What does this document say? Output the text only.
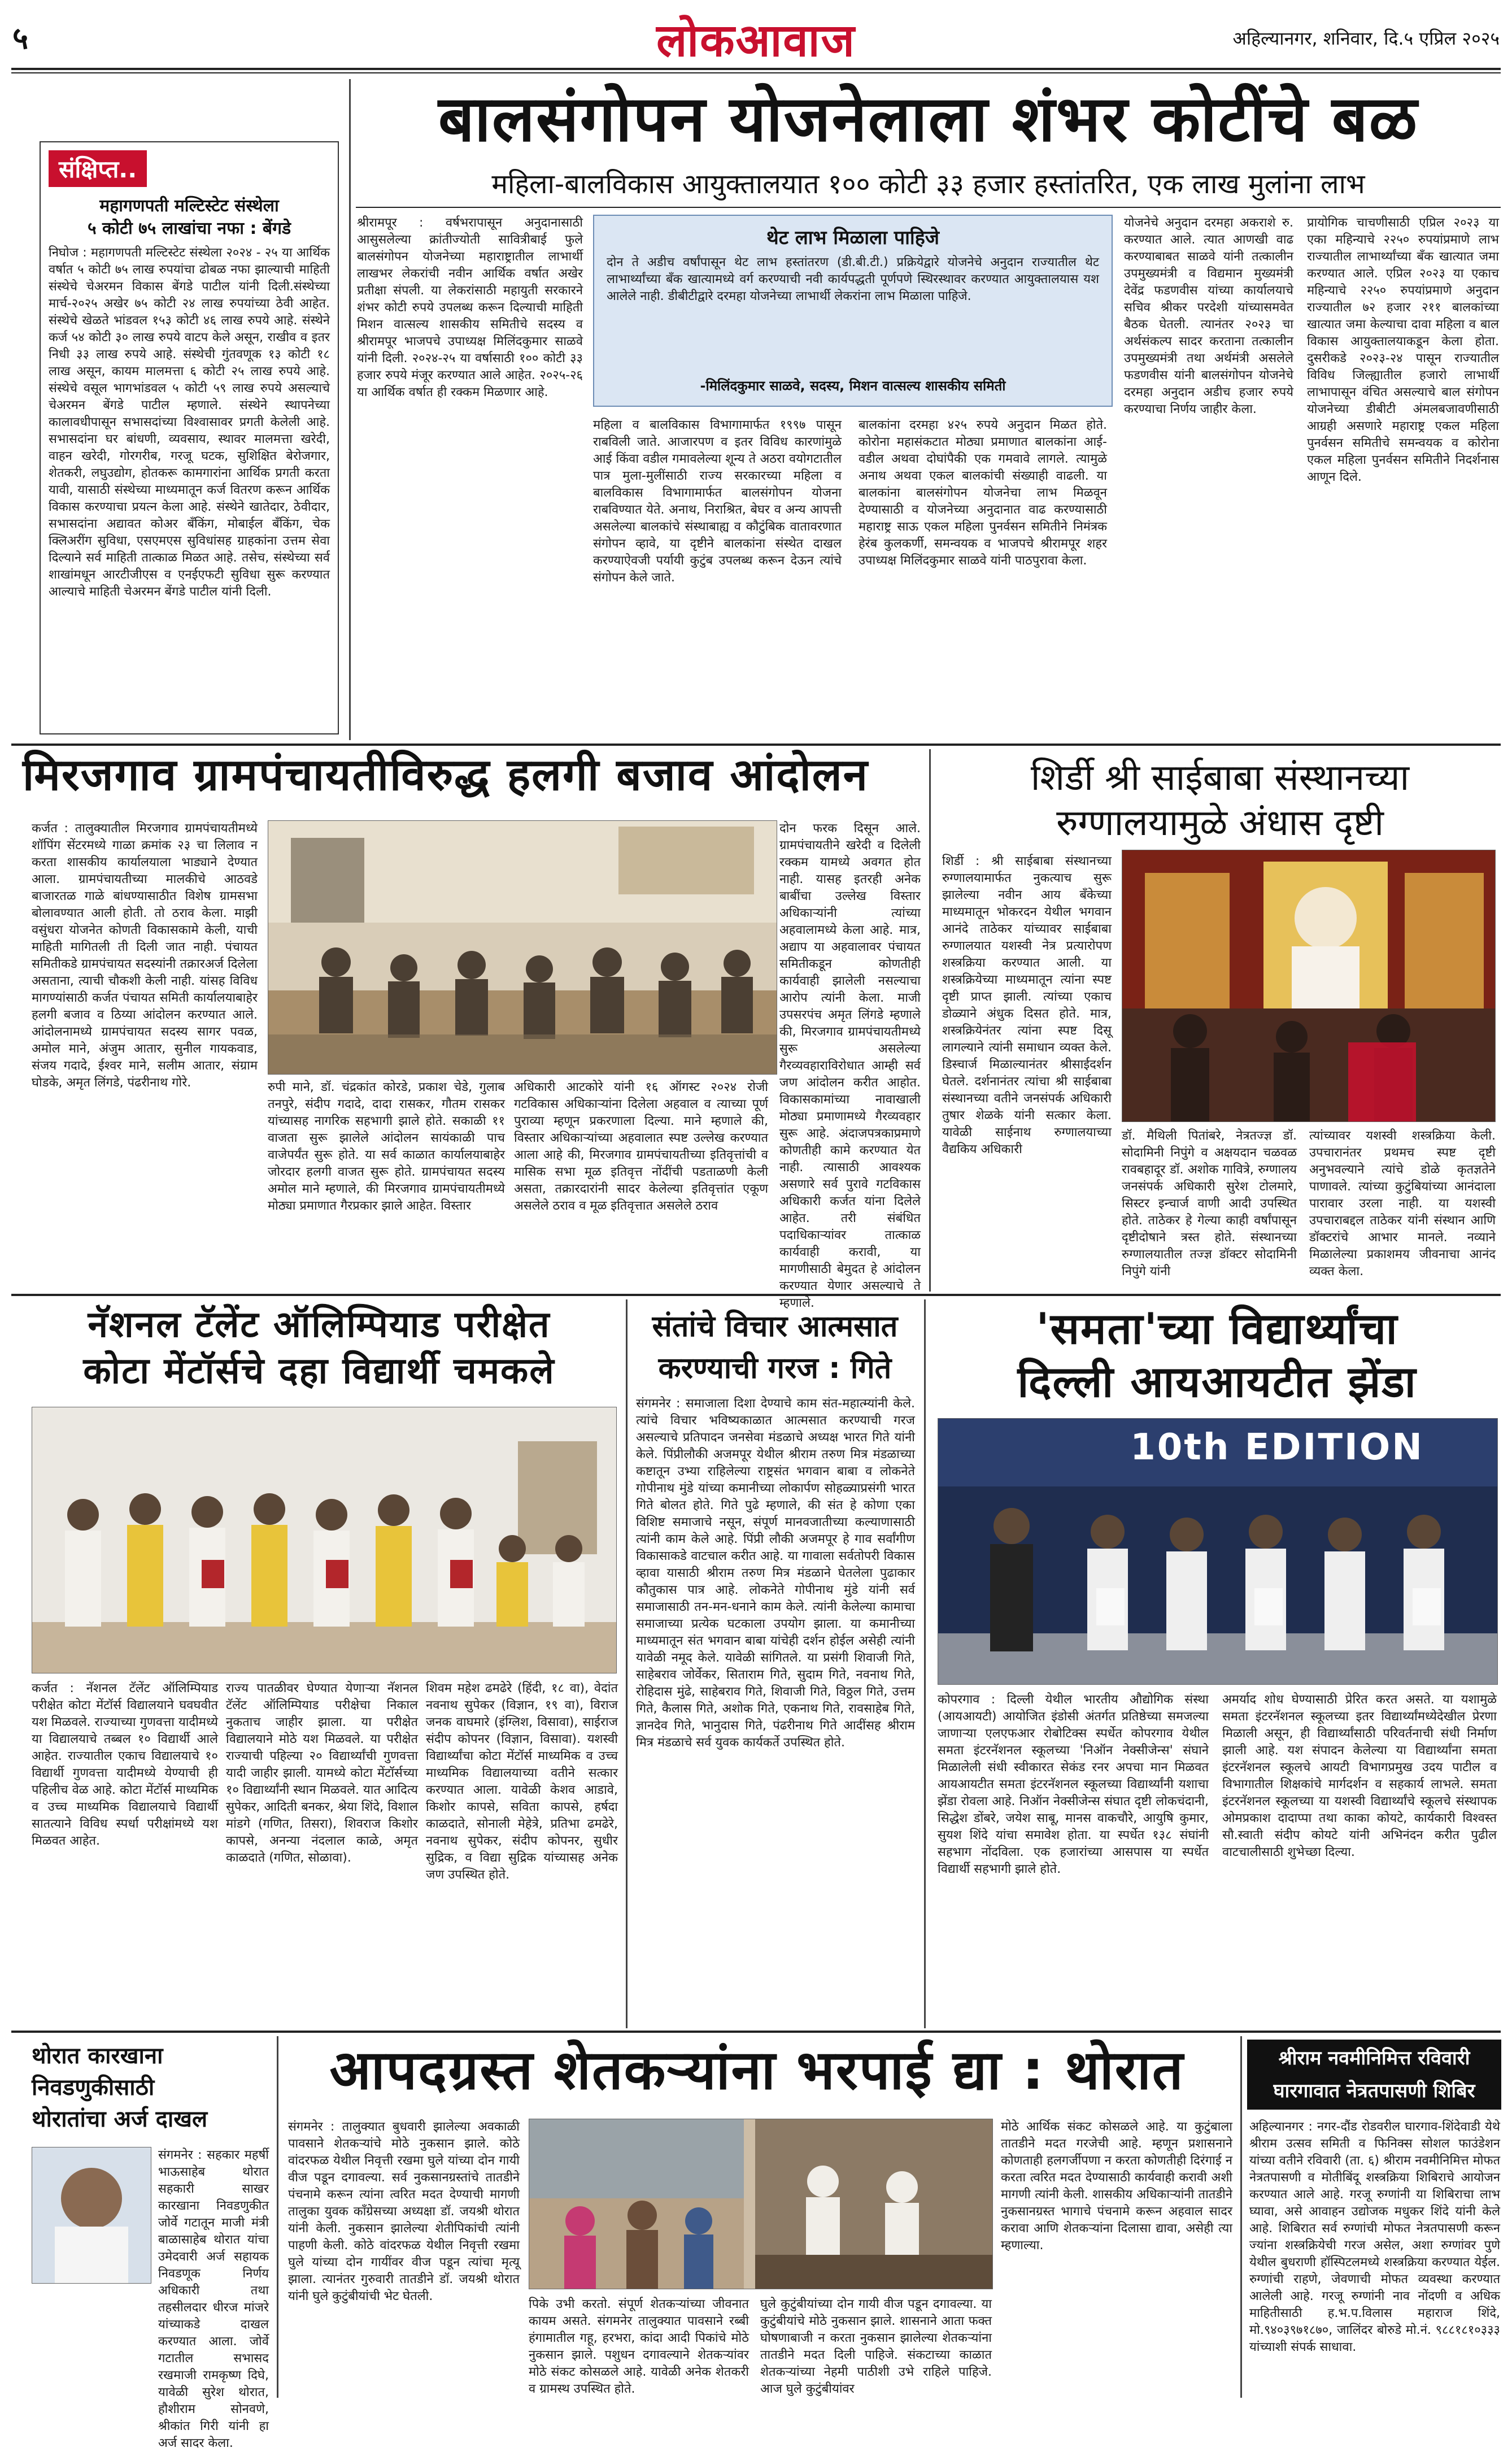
५	लोकआवाज	अहिल्यानगर, शनिवार, दि.५ एप्रिल २०२५
संक्षिप्त..
महागणपती मल्टिस्टेट संस्थेला
५ कोटी ७५ लाखांचा नफा : बेंगडे
निघोज : महागणपती मल्टिस्टेट संस्थेला २०२४ - २५ या आर्थिक वर्षात ५ कोटी ७५ लाख रुपयांचा ढोबळ नफा झाल्याची माहिती संस्थेचे चेअरमन विकास बेंगडे पाटील यांनी दिली.संस्थेच्या मार्च-२०२५ अखेर ७५ कोटी २४ लाख रुपयांच्या ठेवी आहेत. संस्थेचे खेळते भांडवल १५३ कोटी ४६ लाख रुपये आहे. संस्थेने कर्ज ५४ कोटी ३० लाख रुपये वाटप केले असून, राखीव व इतर निधी ३३ लाख रुपये आहे. संस्थेची गुंतवणूक १३ कोटी १८ लाख असून, कायम मालमत्ता ६ कोटी २५ लाख रुपये आहे. संस्थेचे वसूल भागभांडवल ५ कोटी ५९ लाख रुपये असल्याचे चेअरमन बेंगडे पाटील म्हणाले. संस्थेने स्थापनेच्या कालावधीपासून सभासदांच्या विश्वासावर प्रगती केलेली आहे. सभासदांना घर बांधणी, व्यवसाय, स्थावर मालमत्ता खरेदी, वाहन खरेदी, गोरगरीब, गरजू घटक, सुशिक्षित बेरोजगार, शेतकरी, लघुउद्योग, होतकरू कामगारांना आर्थिक प्रगती करता यावी, यासाठी संस्थेच्या माध्यमातून कर्ज वितरण करून आर्थिक विकास करण्याचा प्रयत्न केला आहे. संस्थेने खातेदार, ठेवीदार, सभासदांना अद्यावत कोअर बँकिंग, मोबाईल बँकिंग, चेक क्लिअरींग सुविधा, एसएमएस सुविधांसह ग्राहकांना उत्तम सेवा दिल्याने सर्व माहिती तात्काळ मिळत आहे. तसेच, संस्थेच्या सर्व शाखांमधून आरटीजीएस व एनईएफटी सुविधा सुरू करण्यात आल्याचे माहिती चेअरमन बेंगडे पाटील यांनी दिली.
बालसंगोपन योजनेलाला शंभर कोटींचे बळ
महिला-बालविकास आयुक्तालयात १०० कोटी ३३ हजार हस्तांतरित, एक लाख मुलांना लाभ
श्रीरामपूर : वर्षभरापासून अनुदानासाठी आसुसलेल्या क्रांतीज्योती सावित्रीबाई फुले बालसंगोपन योजनेच्या महाराष्ट्रातील लाभार्थी लाखभर लेकरांची नवीन आर्थिक वर्षात अखेर प्रतीक्षा संपली. या लेकरांसाठी महायुती सरकारने शंभर कोटी रुपये उपलब्ध करून दिल्याची माहिती मिशन वात्सल्य शासकीय समितीचे सदस्य व श्रीरामपूर भाजपचे उपाध्यक्ष मिलिंदकुमार साळवे यांनी दिली. २०२४-२५ या वर्षासाठी १०० कोटी ३३ हजार रुपये मंजूर करण्यात आले आहेत. २०२५-२६ या आर्थिक वर्षात ही रक्कम मिळणार आहे.
थेट लाभ मिळाला पाहिजे
दोन ते अडीच वर्षांपासून थेट लाभ हस्तांतरण (डी.बी.टी.) प्रक्रियेद्वारे योजनेचे अनुदान राज्यातील थेट लाभार्थ्यांच्या बँक खात्यामध्ये वर्ग करण्याची नवी कार्यपद्धती पूर्णपणे स्थिरस्थावर करण्यात आयुक्तालयास यश आलेले नाही. डीबीटीद्वारे दरमहा योजनेच्या लाभार्थी लेकरांना लाभ मिळाला पाहिजे.
-मिलिंदकुमार साळवे, सदस्य, मिशन वात्सल्य शासकीय समिती
महिला व बालविकास विभागामार्फत १९९७ पासून राबविली जाते. आजारपण व इतर विविध कारणांमुळे आई किंवा वडील गमावलेल्या शून्य ते अठरा वयोगटातील पात्र मुला-मुलींसाठी राज्य सरकारच्या महिला व बालविकास विभागामार्फत बालसंगोपन योजना राबविण्यात येते. अनाथ, निराश्रित, बेघर व अन्य आपत्ती असलेल्या बालकांचे संस्थाबाह्य व कौटुंबिक वातावरणात संगोपन व्हावे, या दृष्टीने बालकांना संस्थेत दाखल करण्याऐवजी पर्यायी कुटुंब उपलब्ध करून देऊन त्यांचे संगोपन केले जाते.
बालकांना दरमहा ४२५ रुपये अनुदान मिळत होते. कोरोना महासंकटात मोठ्या प्रमाणात बालकांना आई-वडील अथवा दोघांपैकी एक गमवावे लागले. त्यामुळे अनाथ अथवा एकल बालकांची संख्याही वाढली. या बालकांना बालसंगोपन योजनेचा लाभ मिळवून देण्यासाठी व योजनेच्या अनुदानात वाढ करण्यासाठी महाराष्ट्र साऊ एकल महिला पुनर्वसन समितीने निमंत्रक हेरंब कुलकर्णी, समन्वयक व भाजपचे श्रीरामपूर शहर उपाध्यक्ष मिलिंदकुमार साळवे यांनी पाठपुरावा केला.
योजनेचे अनुदान दरमहा अकराशे रु. करण्यात आले. त्यात आणखी वाढ करण्याबाबत साळवे यांनी तत्कालीन उपमुख्यमंत्री व विद्यमान मुख्यमंत्री देवेंद्र फडणवीस यांच्या कार्यालयाचे सचिव श्रीकर परदेशी यांच्यासमवेत बैठक घेतली. त्यानंतर २०२३ चा अर्थसंकल्प सादर करताना तत्कालीन उपमुख्यमंत्री तथा अर्थमंत्री असलेले फडणवीस यांनी बालसंगोपन योजनेचे दरमहा अनुदान अडीच हजार रुपये करण्याचा निर्णय जाहीर केला.
प्रायोगिक चाचणीसाठी एप्रिल २०२३ या एका महिन्याचे २२५० रुपयांप्रमाणे लाभ राज्यातील लाभार्थ्यांच्या बँक खात्यात जमा करण्यात आले. एप्रिल २०२३ या एकाच महिन्याचे २२५० रुपयांप्रमाणे अनुदान राज्यातील ७२ हजार २११ बालकांच्या खात्यात जमा केल्याचा दावा महिला व बाल विकास आयुक्तालयाकडून केला होता. दुसरीकडे २०२३-२४ पासून राज्यातील विविध जिल्ह्यातील हजारो लाभार्थी लाभापासून वंचित असल्याचे बाल संगोपन योजनेच्या डीबीटी अंमलबजावणीसाठी आग्रही असणारे महाराष्ट्र एकल महिला पुनर्वसन समितीचे समन्वयक व कोरोना एकल महिला पुनर्वसन समितीने निदर्शनास आणून दिले.
मिरजगाव ग्रामपंचायतीविरुद्ध हलगी बजाव आंदोलन
कर्जत : तालुक्यातील मिरजगाव ग्रामपंचायतीमध्ये शॉपिंग सेंटरमध्ये गाळा क्रमांक २३ चा लिलाव न करता शासकीय कार्यालयाला भाड्याने देण्यात आला. ग्रामपंचायतीच्या मालकीचे आठवडे बाजारतळ गाळे बांधण्यासाठीत विशेष ग्रामसभा बोलावण्यात आली होती. तो ठराव केला. माझी वसुंधरा योजनेत कोणती विकासकामे केली, याची माहिती मागितली ती दिली जात नाही. पंचायत समितीकडे ग्रामपंचायत सदस्यांनी तक्रारअर्ज दिलेला असताना, त्याची चौकशी केली नाही. यांसह विविध मागण्यांसाठी कर्जत पंचायत समिती कार्यालयाबाहेर हलगी बजाव व ठिय्या आंदोलन करण्यात आले. आंदोलनामध्ये ग्रामपंचायत सदस्य सागर पवळ, अमोल माने, अंजुम आतार, सुनील गायकवाड, संजय गदादे, ईश्वर माने, सलीम आतार, संग्राम घोडके, अमृत लिंगडे, पंढरीनाथ गोरे.	रुपी माने, डॉ. चंद्रकांत कोरडे, प्रकाश चेडे, गुलाब तनपुरे, संदीप गदादे, दादा रासकर, गौतम रासकर यांच्यासह नागरिक सहभागी झाले होते. सकाळी ११ वाजता सुरू झालेले आंदोलन सायंकाळी पाच वाजेपर्यंत सुरू होते. या सर्व काळात कार्यालयाबाहेर जोरदार हलगी वाजत सुरू होते. ग्रामपंचायत सदस्य अमोल माने म्हणाले, की मिरजगाव ग्रामपंचायतीमध्ये मोठ्या प्रमाणात गैरप्रकार झाले आहेत. विस्तार
अधिकारी आटकोरे यांनी १६ ऑगस्ट २०२४ रोजी गटविकास अधिकाऱ्यांना दिलेला अहवाल व त्याच्या पूर्ण पुराव्या म्हणून प्रकरणाला दिल्या. माने म्हणाले की, विस्तार अधिकाऱ्यांच्या अहवालात स्पष्ट उल्लेख करण्यात आला आहे की, मिरजगाव ग्रामपंचायतीच्या इतिवृत्तांची व मासिक सभा मूळ इतिवृत्त नोंदींची पडताळणी केली असता, तक्रारदारांनी सादर केलेल्या इतिवृत्तांत एकूण असलेले ठराव व मूळ इतिवृत्तात असलेले ठराव
दोन फरक दिसून आले. ग्रामपंचायतीने खरेदी व दिलेली रक्कम यामध्ये अवगत होत नाही. यासह इतरही अनेक बाबींचा उल्लेख विस्तार अधिकाऱ्यांनी त्यांच्या अहवालामध्ये केला आहे. मात्र, अद्याप या अहवालावर पंचायत समितीकडून कोणतीही कार्यवाही झालेली नसल्याचा आरोप त्यांनी केला. माजी उपसरपंच अमृत लिंगडे म्हणाले की, मिरजगाव ग्रामपंचायतीमध्ये सुरू असलेल्या गैरव्यवहाराविरोधात आम्ही सर्व जण आंदोलन करीत आहोत. विकासकामांच्या नावाखाली मोठ्या प्रमाणामध्ये गैरव्यवहार सुरू आहे. अंदाजपत्रकाप्रमाणे कोणतीही कामे करण्यात येत नाही. त्यासाठी आवश्यक असणारे सर्व पुरावे गटविकास अधिकारी कर्जत यांना दिलेले आहेत. तरी संबंधित पदाधिकाऱ्यांवर तात्काळ कार्यवाही करावी, या मागणीसाठी बेमुदत हे आंदोलन करण्यात येणार असल्याचे ते म्हणाले.
शिर्डी श्री साईबाबा संस्थानच्या
रुग्णालयामुळे अंधास दृष्टी
शिर्डी : श्री साईबाबा संस्थानच्या रुग्णालयामार्फत नुकत्याच सुरू झालेल्या नवीन आय बँकेच्या माध्यमातून भोकरदन येथील भगवान आनंदे ताठेकर यांच्यावर साईबाबा रुग्णालयात यशस्वी नेत्र प्रत्यारोपण शस्त्रक्रिया करण्यात आली. या शस्त्रक्रियेच्या माध्यमातून त्यांना स्पष्ट दृष्टी प्राप्त झाली. त्यांच्या एकाच डोळ्याने अंधुक दिसत होते. मात्र, शस्त्रक्रियेनंतर त्यांना स्पष्ट दिसू लागल्याने त्यांनी समाधान व्यक्त केले. डिस्चार्ज मिळाल्यानंतर श्रीसाईदर्शन घेतले. दर्शनानंतर त्यांचा श्री साईबाबा संस्थानच्या वतीने जनसंपर्क अधिकारी तुषार शेळके यांनी सत्कार केला. यावेळी साईनाथ रुग्णालयाच्या वैद्यकिय अधिकारी
डॉ. मैथिली पितांबरे, नेत्रतज्ज्ञ डॉ. सोदामिनी निपुंगे व अक्षयदान चळवळ रावबहादूर डॉ. अशोक गावित्रे, रुग्णालय जनसंपर्क अधिकारी सुरेश टोलमारे, सिस्टर इन्चार्ज वाणी आदी उपस्थित होते. ताठेकर हे गेल्या काही वर्षांपासून दृष्टीदोषाने त्रस्त होते. संस्थानच्या रुग्णालयातील तज्ज्ञ डॉक्टर सोदामिनी निपुंगे यांनी
त्यांच्यावर यशस्वी शस्त्रक्रिया केली. उपचारानंतर प्रथमच स्पष्ट दृष्टी अनुभवल्याने त्यांचे डोळे कृतज्ञतेने पाणावले. त्यांच्या कुटुंबियांच्या आनंदाला पारावार उरला नाही. या यशस्वी उपचाराबद्दल ताठेकर यांनी संस्थान आणि डॉक्टरांचे आभार मानले. नव्याने मिळालेल्या प्रकाशमय जीवनाचा आनंद व्यक्त केला.
नॅशनल टॅलेंट ऑलिम्पियाड परीक्षेत
कोटा मेंटॉर्सचे दहा विद्यार्थी चमकले
कर्जत : नॅशनल टॅलेंट ऑलिम्पियाड परीक्षेत कोटा मेंटॉर्स विद्यालयाने घवघवीत यश मिळवले. राज्याच्या गुणवत्ता यादीमध्ये या विद्यालयाचे तब्बल १० विद्यार्थी आले आहेत. राज्यातील एकाच विद्यालयाचे १० विद्यार्थी गुणवत्ता यादीमध्ये येण्याची ही पहिलीच वेळ आहे. कोटा मेंटॉर्स माध्यमिक व उच्च माध्यमिक विद्यालयाचे विद्यार्थी सातत्याने विविध स्पर्धा परीक्षांमध्ये यश मिळवत आहेत.
राज्य पातळीवर घेण्यात येणाऱ्या नॅशनल टॅलेंट ऑलिम्पियाड परीक्षेचा निकाल नुकताच जाहीर झाला. या परीक्षेत विद्यालयाने मोठे यश मिळवले. या परीक्षेत राज्याची पहिल्या २० विद्यार्थ्यांची गुणवत्ता यादी जाहीर झाली. यामध्ये कोटा मेंटॉर्सच्या १० विद्यार्थ्यांनी स्थान मिळवले. यात आदित्य सुपेकर, आदिती बनकर, श्रेया शिंदे, विशाल मांडगे (गणित, तिसरा), शिवराज किशोर कापसे, अनन्या नंदलाल काळे, अमृत काळदाते (गणित, सोळावा).
शिवम महेश ढमढेरे (हिंदी, १८ वा), वेदांत नवनाथ सुपेकर (विज्ञान, १९ वा), विराज जनक वाघमारे (इंग्लिश, विसावा), साईराज संदीप कोपनर (विज्ञान, विसावा). यशस्वी विद्यार्थ्यांचा कोटा मेंटॉर्स माध्यमिक व उच्च माध्यमिक विद्यालयाच्या वतीने सत्कार करण्यात आला. यावेळी केशव आडावे, किशोर कापसे, सविता कापसे, हर्षदा काळदाते, सोनाली मेहेत्रे, प्रतिभा ढमढेरे, नवनाथ सुपेकर, संदीप कोपनर, सुधीर सुद्रिक, व विद्या सुद्रिक यांच्यासह अनेक जण उपस्थित होते.
संतांचे विचार आत्मसात
करण्याची गरज : गिते
संगमनेर : समाजाला दिशा देण्याचे काम संत-महात्म्यांनी केले. त्यांचे विचार भविष्यकाळात आत्मसात करण्याची गरज असल्याचे प्रतिपादन जनसेवा मंडळाचे अध्यक्ष भारत गिते यांनी केले. पिंप्रीलौकी अजमपूर येथील श्रीराम तरुण मित्र मंडळाच्या कष्टातून उभ्या राहिलेल्या राष्ट्रसंत भगवान बाबा व लोकनेते गोपीनाथ मुंडे यांच्या कमानीच्या लोकार्पण सोहळ्याप्रसंगी भारत गिते बोलत होते. गिते पुढे म्हणाले, की संत हे कोणा एका विशिष्ट समाजाचे नसून, संपूर्ण मानवजातीच्या कल्याणासाठी त्यांनी काम केले आहे. पिंप्री लौकी अजमपूर हे गाव सर्वांगीण विकासाकडे वाटचाल करीत आहे. या गावाला सर्वतोपरी विकास व्हावा यासाठी श्रीराम तरुण मित्र मंडळाने घेतलेला पुढाकार कौतुकास पात्र आहे. लोकनेते गोपीनाथ मुंडे यांनी सर्व समाजासाठी तन-मन-धनाने काम केले. त्यांनी केलेल्या कामाचा समाजाच्या प्रत्येक घटकाला उपयोग झाला. या कमानीच्या माध्यमातून संत भगवान बाबा यांचेही दर्शन होईल असेही त्यांनी यावेळी नमूद केले. यावेळी सांगितले. या प्रसंगी शिवाजी गिते, साहेबराव जोर्वेकर, सिताराम गिते, सुदाम गिते, नवनाथ गिते, रोहिदास मुंढे, साहेबराव गिते, शिवाजी गिते, विठ्ठल गिते, उत्तम गिते, कैलास गिते, अशोक गिते, एकनाथ गिते, रावसाहेब गिते, ज्ञानदेव गिते, भानुदास गिते, पंढरीनाथ गिते आदींसह श्रीराम मित्र मंडळाचे सर्व युवक कार्यकर्ते उपस्थित होते.
'समता'च्या विद्यार्थ्यांचा
दिल्ली आयआयटीत झेंडा
10th EDITION
कोपरगाव : दिल्ली येथील भारतीय औद्योगिक संस्था (आयआयटी) आयोजित इंडोसी अंतर्गत प्रतिष्ठेच्या समजल्या जाणाऱ्या एलएफआर रोबोटिक्स स्पर्धेत कोपरगाव येथील समता इंटरनॅशनल स्कूलच्या 'निऑन नेक्सीजेन्स' संघाने मिळालेली संधी स्वीकारत सेकंड रनर अपचा मान मिळवत आयआयटीत समता इंटरनॅशनल स्कूलच्या विद्यार्थ्यांनी यशाचा झेंडा रोवला आहे. निऑन नेक्सीजेन्स संघात दृष्टी लोकचंदानी, सिद्धेश डोंबरे, जयेश साबू, मानस वाकचौरे, आयुषि कुमार, सुयश शिंदे यांचा समावेश होता. या स्पर्धेत १३८ संघांनी सहभाग नोंदविला. एक हजारांच्या आसपास या स्पर्धेत विद्यार्थी सहभागी झाले होते.
अमर्याद शोध घेण्यासाठी प्रेरित करत असते. या यशामुळे समता इंटरनॅशनल स्कूलच्या इतर विद्यार्थ्यांमध्येदेखील प्रेरणा मिळाली असून, ही विद्यार्थ्यांसाठी परिवर्तनाची संधी निर्माण झाली आहे. यश संपादन केलेल्या या विद्यार्थ्यांना समता इंटरनॅशनल स्कूलचे आयटी विभागप्रमुख उदय पाटील व विभागातील शिक्षकांचे मार्गदर्शन व सहकार्य लाभले. समता इंटरनॅशनल स्कूलच्या या यशस्वी विद्यार्थ्यांचे स्कूलचे संस्थापक ओमप्रकाश दादाप्पा तथा काका कोयटे, कार्यकारी विश्वस्त सौ.स्वाती संदीप कोयटे यांनी अभिनंदन करीत पुढील वाटचालीसाठी शुभेच्छा दिल्या.
थोरात कारखाना
निवडणुकीसाठी
थोरातांचा अर्ज दाखल
संगमनेर : सहकार महर्षी भाऊसाहेब थोरात सहकारी साखर कारखाना निवडणुकीत जोर्वे गटातून माजी मंत्री बाळासाहेब थोरात यांचा उमेदवारी अर्ज सहायक निवडणूक निर्णय अधिकारी तथा तहसीलदार धीरज मांजरे यांच्याकडे दाखल करण्यात आला. जोर्वे गटातील सभासद रखमाजी रामकृष्ण दिघे, यावेळी सुरेश थोरात, हौशीराम सोनवणे, श्रीकांत गिरी यांनी हा अर्ज सादर केला.
आपदग्रस्त शेतकऱ्यांना भरपाई द्या : थोरात
संगमनेर : तालुक्यात बुधवारी झालेल्या अवकाळी पावसाने शेतकऱ्यांचे मोठे नुकसान झाले. कोठे वांदरफळ येथील निवृत्ती रखमा घुले यांच्या दोन गायी वीज पडून दगावल्या. सर्व नुकसानग्रस्तांचे तातडीने पंचनामे करून त्यांना त्वरित मदत देण्याची मागणी तालुका युवक काँग्रेसच्या अध्यक्षा डॉ. जयश्री थोरात यांनी केली. नुकसान झालेल्या शेतीपिकांची त्यांनी पाहणी केली. कोठे वांदरफळ येथील निवृत्ती रखमा घुले यांच्या दोन गायींवर वीज पडून त्यांचा मृत्यू झाला. त्यानंतर गुरुवारी तातडीने डॉ. जयश्री थोरात यांनी घुले कुटुंबीयांची भेट घेतली.
पिके उभी करतो. संपूर्ण शेतकऱ्यांच्या जीवनात कायम असते. संगमनेर तालुक्यात पावसाने रब्बी हंगामातील गहू, हरभरा, कांदा आदी पिकांचे मोठे नुकसान झाले. पशुधन दगावल्याने शेतकऱ्यांवर मोठे संकट कोसळले आहे. यावेळी अनेक शेतकरी व ग्रामस्थ उपस्थित होते.
घुले कुटुंबीयांच्या दोन गायी वीज पडून दगावल्या. या कुटुंबीयांचे मोठे नुकसान झाले. शासनाने आता फक्त घोषणाबाजी न करता नुकसान झालेल्या शेतकऱ्यांना तातडीने मदत दिली पाहिजे. संकटाच्या काळात शेतकऱ्यांच्या नेहमी पाठीशी उभे राहिले पाहिजे. आज घुले कुटुंबीयांवर
मोठे आर्थिक संकट कोसळले आहे. या कुटुंबाला तातडीने मदत गरजेची आहे. म्हणून प्रशासनाने कोणताही हलगर्जीपणा न करता कोणतीही दिरंगाई न करता त्वरित मदत देण्यासाठी कार्यवाही करावी अशी मागणी त्यांनी केली. शासकीय अधिकाऱ्यांनी तातडीने नुकसानग्रस्त भागाचे पंचनामे करून अहवाल सादर करावा आणि शेतकऱ्यांना दिलासा द्यावा, असेही त्या म्हणाल्या.
श्रीराम नवमीनिमित्त रविवारी
घारगावात नेत्रतपासणी शिबिर
अहिल्यानगर : नगर-दौंड रोडवरील घारगाव-शिंदेवाडी येथे श्रीराम उत्सव समिती व फिनिक्स सोशल फाउंडेशन यांच्या वतीने रविवारी (ता. ६) श्रीराम नवमीनिमित्त मोफत नेत्रतपासणी व मोतीबिंदू शस्त्रक्रिया शिबिराचे आयोजन करण्यात आले आहे. गरजू रुग्णांनी या शिबिराचा लाभ घ्यावा, असे आवाहन उद्योजक मधुकर शिंदे यांनी केले आहे. शिबिरात सर्व रुग्णांची मोफत नेत्रतपासणी करून ज्यांना शस्त्रक्रियेची गरज असेल, अशा रुग्णांवर पुणे येथील बुधराणी हॉस्पिटलमध्ये शस्त्रक्रिया करण्यात येईल. रुग्णांची राहणे, जेवणाची मोफत व्यवस्था करण्यात आलेली आहे. गरजू रुग्णांनी नाव नोंदणी व अधिक माहितीसाठी ह.भ.प.विलास महाराज शिंदे, मो.९४०३९७१८७०, जालिंदर बोरुडे मो.नं. ९८८१८१०३३३ यांच्याशी संपर्क साधावा.
